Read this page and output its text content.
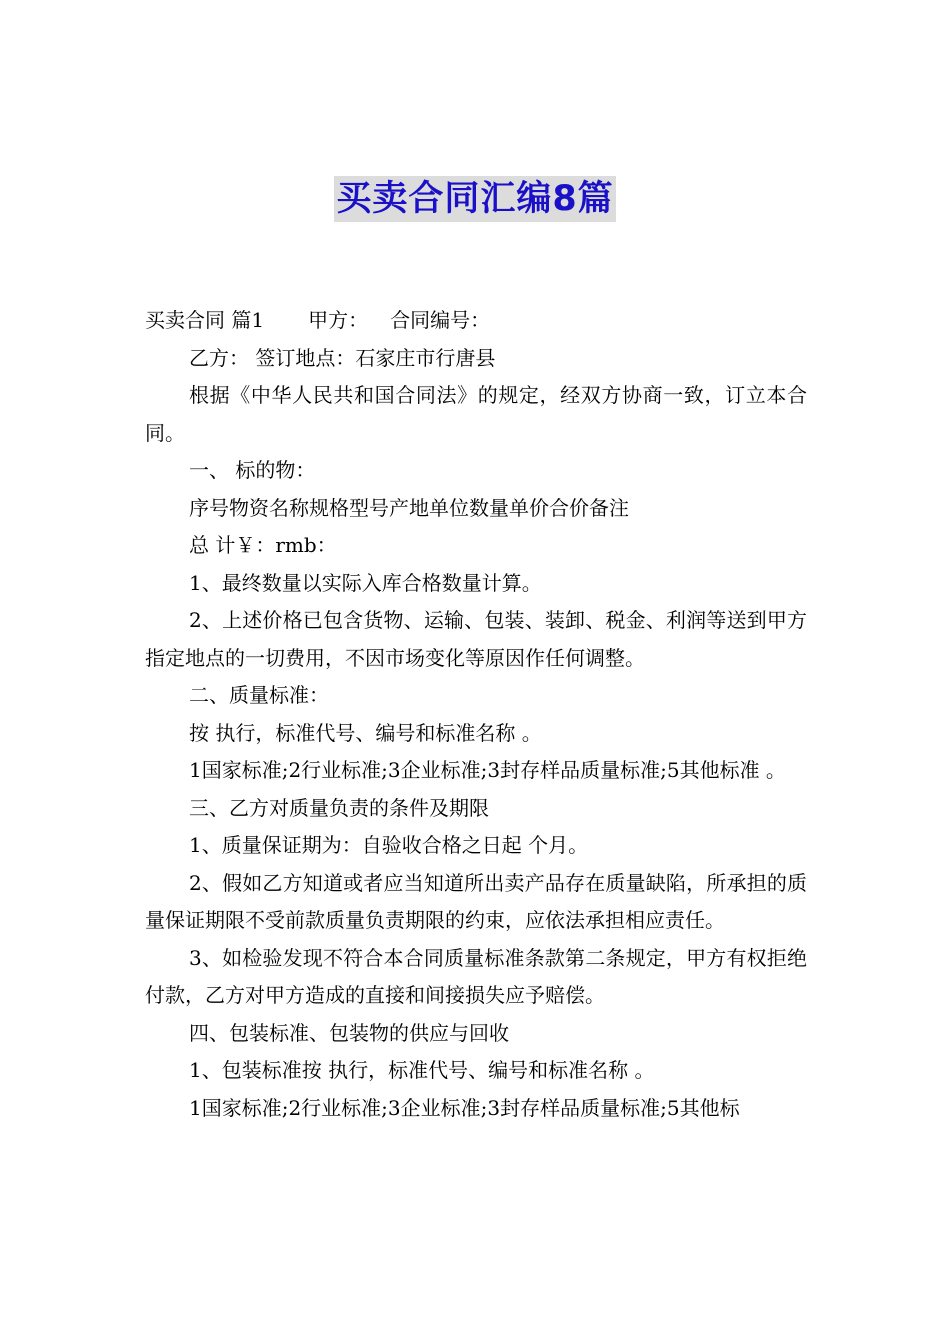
买卖合同汇编8篇

买卖合同 篇1 甲方： 合同编号：

乙方： 签订地点：石家庄市行唐县

根据《中华人民共和国合同法》的规定，经双方协商一致，订立本合同。

一、 标的物：

序号物资名称规格型号产地单位数量单价合价备注

总 计￥：rmb：

1、最终数量以实际入库合格数量计算。

2、上述价格已包含货物、运输、包装、装卸、税金、利润等送到甲方指定地点的一切费用，不因市场变化等原因作任何调整。

二、质量标准：

按 执行，标准代号、编号和标准名称 。

1国家标准;2行业标准;3企业标准;3封存样品质量标准;5其他标准 。

三、乙方对质量负责的条件及期限

1、质量保证期为：自验收合格之日起 个月。

2、假如乙方知道或者应当知道所出卖产品存在质量缺陷，所承担的质量保证期限不受前款质量负责期限的约束，应依法承担相应责任。

3、如检验发现不符合本合同质量标准条款第二条规定，甲方有权拒绝付款，乙方对甲方造成的直接和间接损失应予赔偿。

四、包装标准、包装物的供应与回收

1、包装标准按 执行，标准代号、编号和标准名称 。

1国家标准;2行业标准;3企业标准;3封存样品质量标准;5其他标
